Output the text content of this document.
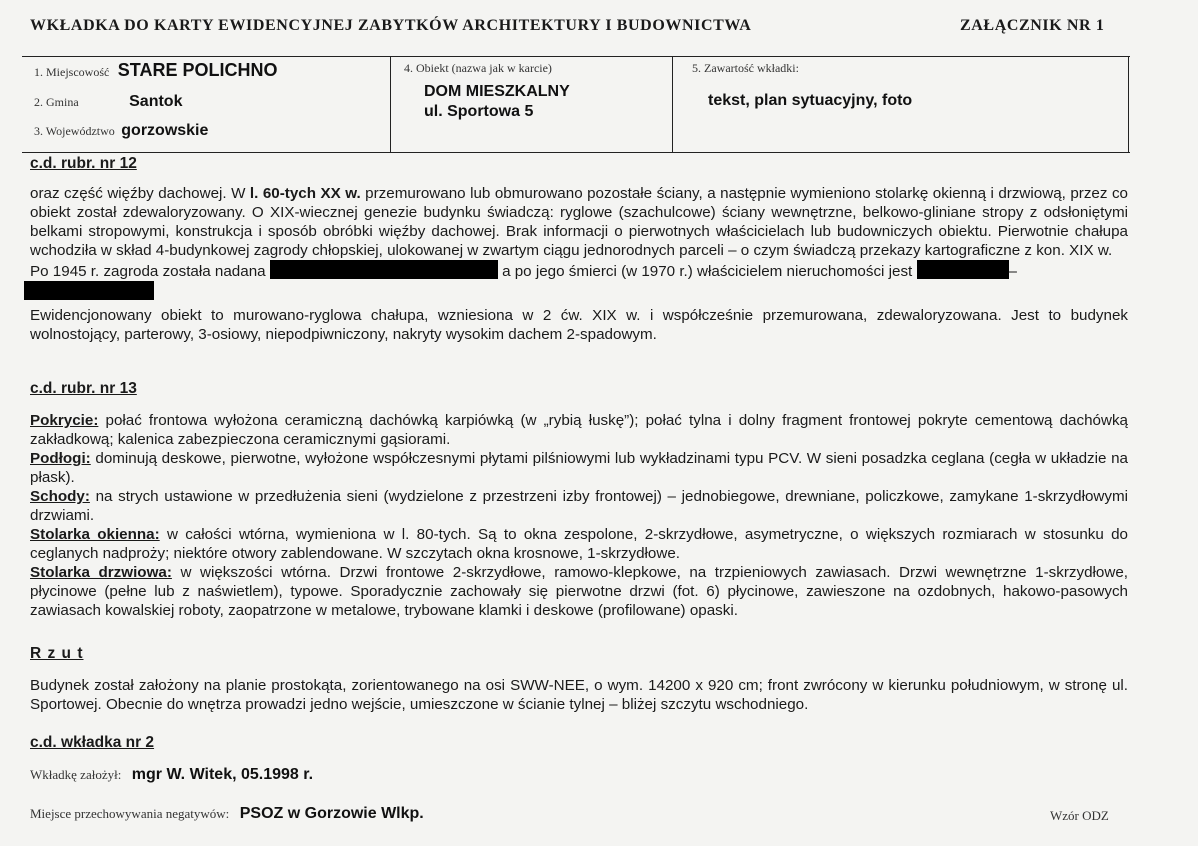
WKŁADKA DO KARTY EWIDENCYJNEJ ZABYTKÓW ARCHITEKTURY I BUDOWNICTWA	ZAŁĄCZNIK NR 1
1. Miejscowość STARE POLICHNO
2. Gmina	Santok
3. Województwo gorzowskie
4. Obiekt (nazwa jak w karcie)
DOM MIESZKALNY
ul. Sportowa 5
5. Zawartość wkładki:
tekst, plan sytuacyjny, foto
c.d. rubr. nr 12

oraz część więźby dachowej. W l. 60-tych XX w. przemurowano lub obmurowano pozostałe ściany, a następnie wymieniono stolarkę okienną i drzwiową, przez co obiekt został zdewaloryzowany. O XIX-wiecznej genezie budynku świadczą: ryglowe (szachulcowe) ściany wewnętrzne, belkowo-gliniane stropy z odsłoniętymi belkami stropowymi, konstrukcja i sposób obróbki więźby dachowej. Brak informacji o pierwotnych właścicielach lub budowniczych obiektu. Pierwotnie chałupa wchodziła w skład 4-budynkowej zagrody chłopskiej, ulokowanej w zwartym ciągu jednorodnych parceli – o czym świadczą przekazy kartograficzne z kon. XIX w.

Po 1945 r. zagroda została nadana	a po jego śmierci (w 1970 r.) właścicielem nieruchomości jest	–

Ewidencjonowany obiekt to murowano-ryglowa chałupa, wzniesiona w 2 ćw. XIX w. i współcześnie przemurowana, zdewaloryzowana. Jest to budynek wolnostojący, parterowy, 3-osiowy, niepodpiwniczony, nakryty wysokim dachem 2-spadowym.

c.d. rubr. nr 13

Pokrycie: połać frontowa wyłożona ceramiczną dachówką karpiówką (w „rybią łuskę”); połać tylna i dolny fragment frontowej pokryte cementową dachówką zakładkową; kalenica zabezpieczona ceramicznymi gąsiorami.

Podłogi: dominują deskowe, pierwotne, wyłożone współczesnymi płytami pilśniowymi lub wykładzinami typu PCV. W sieni posadzka ceglana (cegła w układzie na płask).

Schody: na strych ustawione w przedłużenia sieni (wydzielone z przestrzeni izby frontowej) – jednobiegowe, drewniane, policzkowe, zamykane 1-skrzydłowymi drzwiami.

Stolarka okienna: w całości wtórna, wymieniona w l. 80-tych. Są to okna zespolone, 2-skrzydłowe, asymetryczne, o większych rozmiarach w stosunku do ceglanych nadproży; niektóre otwory zablendowane. W szczytach okna krosnowe, 1-skrzydłowe.

Stolarka drzwiowa: w większości wtórna. Drzwi frontowe 2-skrzydłowe, ramowo-klepkowe, na trzpieniowych zawiasach. Drzwi wewnętrzne 1-skrzydłowe, płycinowe (pełne lub z naświetlem), typowe. Sporadycznie zachowały się pierwotne drzwi (fot. 6) płycinowe, zawieszone na ozdobnych, hakowo-pasowych zawiasach kowalskiej roboty, zaopatrzone w metalowe, trybowane klamki i deskowe (profilowane) opaski.

R z u t

Budynek został założony na planie prostokąta, zorientowanego na osi SWW-NEE, o wym. 14200 x 920 cm; front zwrócony w kierunku południowym, w stronę ul. Sportowej. Obecnie do wnętrza prowadzi jedno wejście, umieszczone w ścianie tylnej – bliżej szczytu wschodniego.

c.d. wkładka nr 2
Wkładkę założył: mgr W. Witek, 05.1998 r.
Miejsce przechowywania negatywów: PSOZ w Gorzowie Wlkp.	Wzór ODZ
